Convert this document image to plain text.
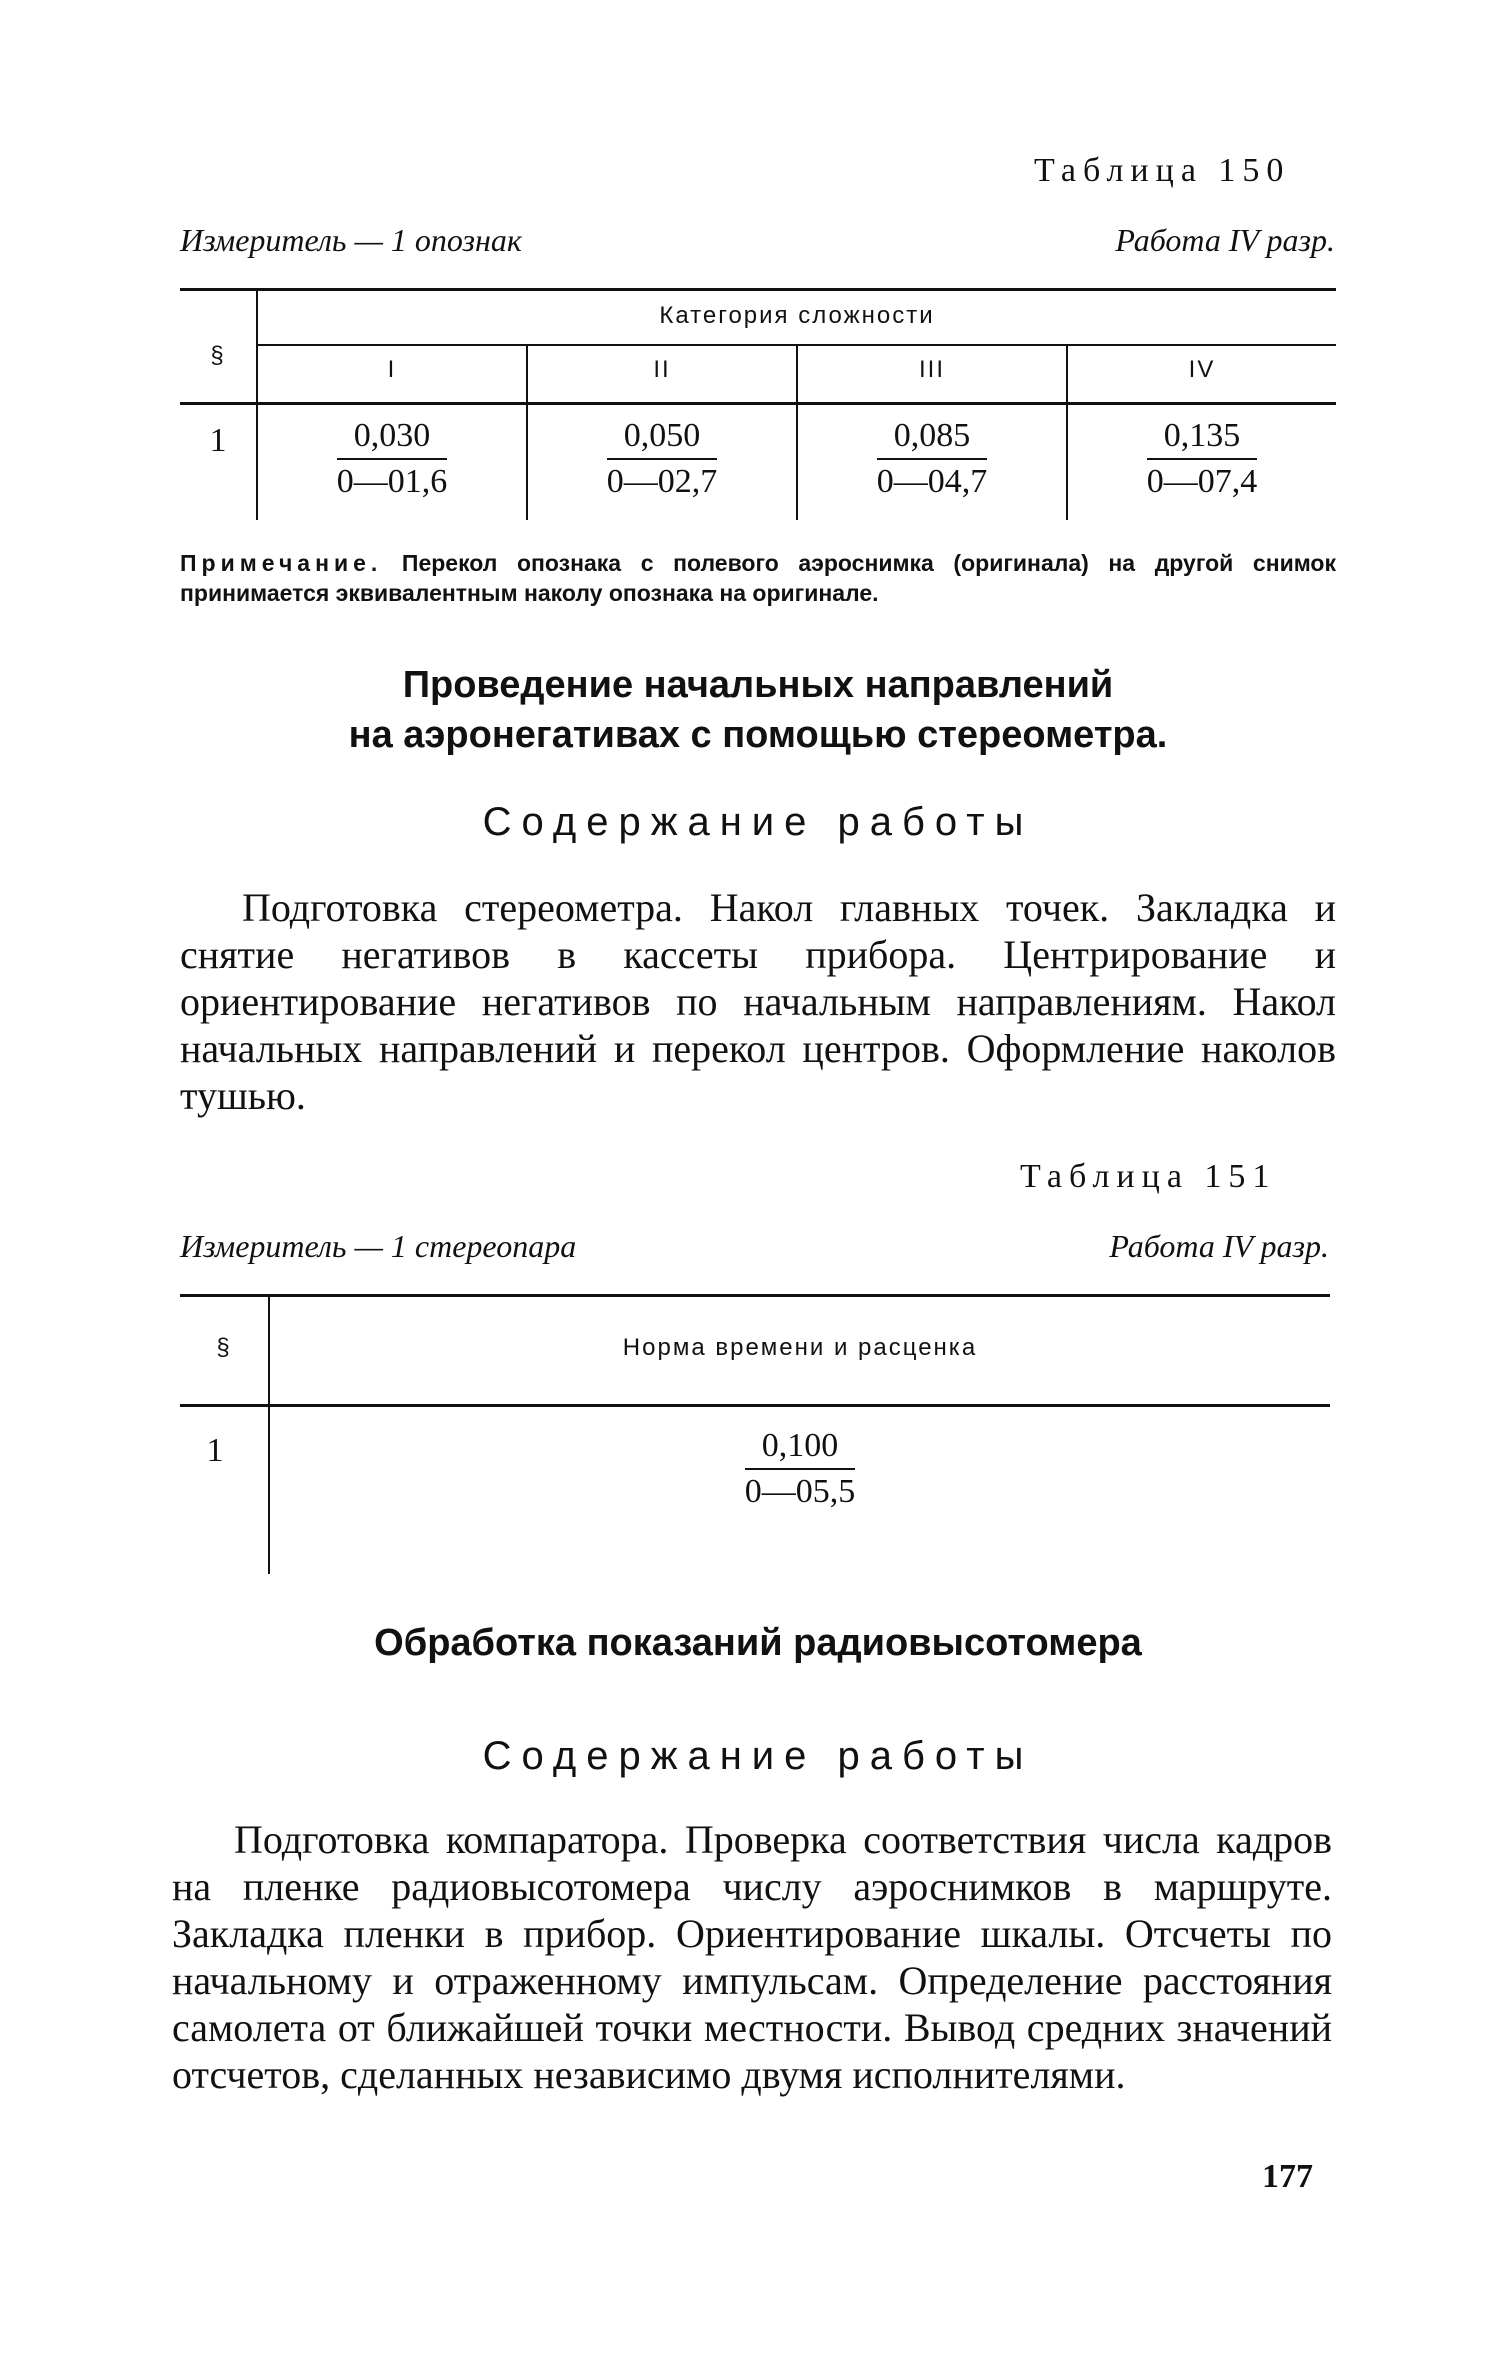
Таблица 150
Измеритель — 1 опознак	Работа IV разр.
§
Категория сложности
I	II	III	IV
1	$\frac{0,030}{0—01,6}$	$\frac{0,050}{0—02,7}$	$\frac{0,085}{0—04,7}$	$\frac{0,135}{0—07,4}$
Примечание. Перекол опознака с полевого аэроснимка (оригинала) на другой снимок принимается эквивалентным наколу опознака на оригинале.
Проведение начальных направлений
на аэронегативах с помощью стереометра.
Содержание работы
Подготовка стереометра. Накол главных точек. Закладка и снятие негативов в кассеты прибора. Центрирование и ориентирование негативов по начальным направлениям. Накол начальных направлений и перекол центров. Оформление наколов тушью.
Таблица 151
Измеритель — 1 стереопара	Работа IV разр.
§	Норма времени и расценка
1	$\frac{0,100}{0—05,5}$
Обработка показаний радиовысотомера
Содержание работы
Подготовка компаратора. Проверка соответствия числа кадров на пленке радиовысотомера числу аэроснимков в маршруте. Закладка пленки в прибор. Ориентирование шкалы. Отсчеты по начальному и отраженному импульсам. Определение расстояния самолета от ближайшей точки местности. Вывод средних значений отсчетов, сделанных независимо двумя исполнителями.
177
